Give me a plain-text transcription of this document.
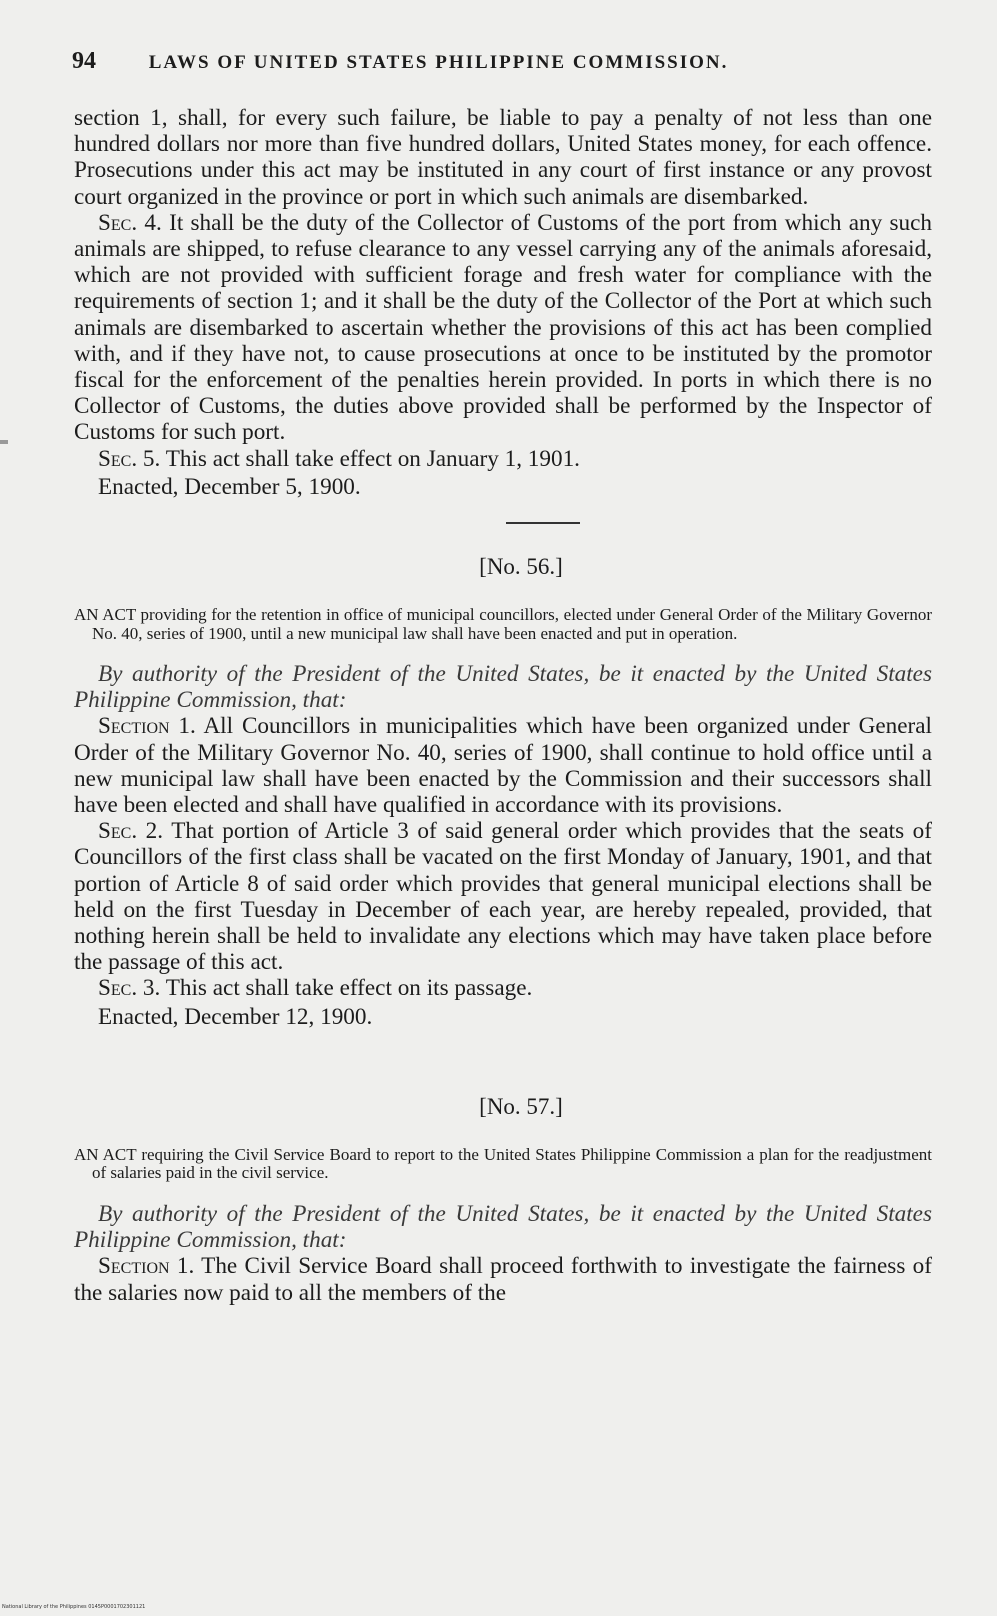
94	LAWS OF UNITED STATES PHILIPPINE COMMISSION.

section 1, shall, for every such failure, be liable to pay a penalty of not less than one hundred dollars nor more than five hundred dollars, United States money, for each offence. Prosecutions under this act may be instituted in any court of first instance or any provost court organized in the province or port in which such animals are disembarked.

Sec. 4. It shall be the duty of the Collector of Customs of the port from which any such animals are shipped, to refuse clearance to any vessel carrying any of the animals aforesaid, which are not provided with sufficient forage and fresh water for compliance with the requirements of section 1; and it shall be the duty of the Collector of the Port at which such animals are disembarked to ascertain whether the provisions of this act has been complied with, and if they have not, to cause prosecutions at once to be instituted by the promotor fiscal for the enforcement of the penalties herein provided. In ports in which there is no Collector of Customs, the duties above provided shall be performed by the Inspector of Customs for such port.

Sec. 5. This act shall take effect on January 1, 1901.

Enacted, December 5, 1900.

[No. 56.]

AN ACT providing for the retention in office of municipal councillors, elected under General Order of the Military Governor No. 40, series of 1900, until a new municipal law shall have been enacted and put in operation.

By authority of the President of the United States, be it enacted by the United States Philippine Commission, that:

Section 1. All Councillors in municipalities which have been organized under General Order of the Military Governor No. 40, series of 1900, shall continue to hold office until a new municipal law shall have been enacted by the Commission and their successors shall have been elected and shall have qualified in accordance with its provisions.

Sec. 2. That portion of Article 3 of said general order which provides that the seats of Councillors of the first class shall be vacated on the first Monday of January, 1901, and that portion of Article 8 of said order which provides that general municipal elections shall be held on the first Tuesday in December of each year, are hereby repealed, provided, that nothing herein shall be held to invalidate any elections which may have taken place before the passage of this act.

Sec. 3. This act shall take effect on its passage.

Enacted, December 12, 1900.

[No. 57.]

AN ACT requiring the Civil Service Board to report to the United States Philippine Commission a plan for the readjustment of salaries paid in the civil service.

By authority of the President of the United States, be it enacted by the United States Philippine Commission, that:

Section 1. The Civil Service Board shall proceed forthwith to investigate the fairness of the salaries now paid to all the members of the

National Library of the Philippines 0145P0001702301121
